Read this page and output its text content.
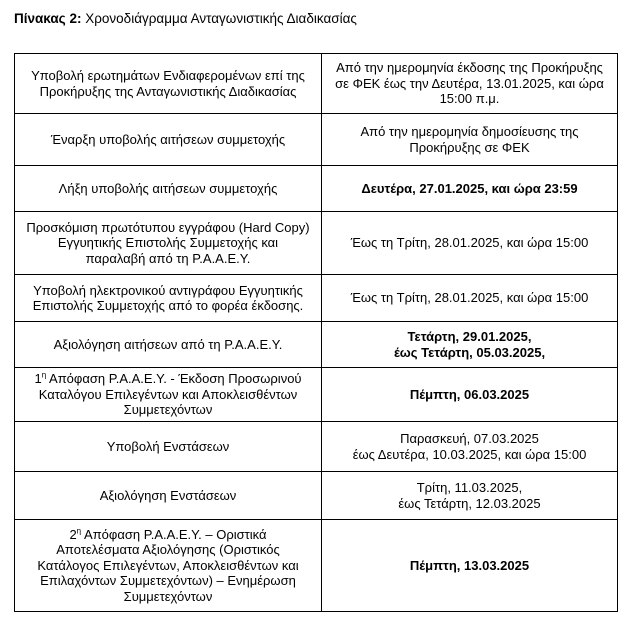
Πίνακας 2: Χρονοδιάγραμμα Ανταγωνιστικής Διαδικασίας
Υποβολή ερωτημάτων Ενδιαφερομένων επί της
Προκήρυξης της Ανταγωνιστικής Διαδικασίας	Από την ημερομηνία έκδοσης της Προκήρυξης
σε ΦΕΚ έως την Δευτέρα, 13.01.2025, και ώρα
15:00 π.μ.

Έναρξη υποβολής αιτήσεων συμμετοχής	Από την ημερομηνία δημοσίευσης της
Προκήρυξης σε ΦΕΚ

Λήξη υποβολής αιτήσεων συμμετοχής	Δευτέρα, 27.01.2025, και ώρα 23:59

Προσκόμιση πρωτότυπου εγγράφου (Hard Copy)
Εγγυητικής Επιστολής Συμμετοχής και
παραλαβή από τη Ρ.Α.Α.Ε.Υ.	Έως τη Τρίτη, 28.01.2025, και ώρα 15:00

Υποβολή ηλεκτρονικού αντιγράφου Εγγυητικής
Επιστολής Συμμετοχής από το φορέα έκδοσης.	Έως τη Τρίτη, 28.01.2025, και ώρα 15:00

Αξιολόγηση αιτήσεων από τη Ρ.Α.Α.Ε.Υ.	Τετάρτη, 29.01.2025,
έως Τετάρτη, 05.03.2025,

$1^\eta$ Απόφαση Ρ.Α.Α.Ε.Υ. - Έκδοση Προσωρινού
Καταλόγου Επιλεγέντων και Αποκλεισθέντων
Συμμετεχόντων	Πέμπτη, 06.03.2025

Υποβολή Ενστάσεων	Παρασκευή, 07.03.2025
έως Δευτέρα, 10.03.2025, και ώρα 15:00

Αξιολόγηση Ενστάσεων	Τρίτη, 11.03.2025,
έως Τετάρτη, 12.03.2025

$2^\eta$ Απόφαση Ρ.Α.Α.Ε.Υ. – Οριστικά
Αποτελέσματα Αξιολόγησης (Οριστικός
Κατάλογος Επιλεγέντων, Αποκλεισθέντων και
Επιλαχόντων Συμμετεχόντων) – Ενημέρωση
Συμμετεχόντων	Πέμπτη, 13.03.2025
